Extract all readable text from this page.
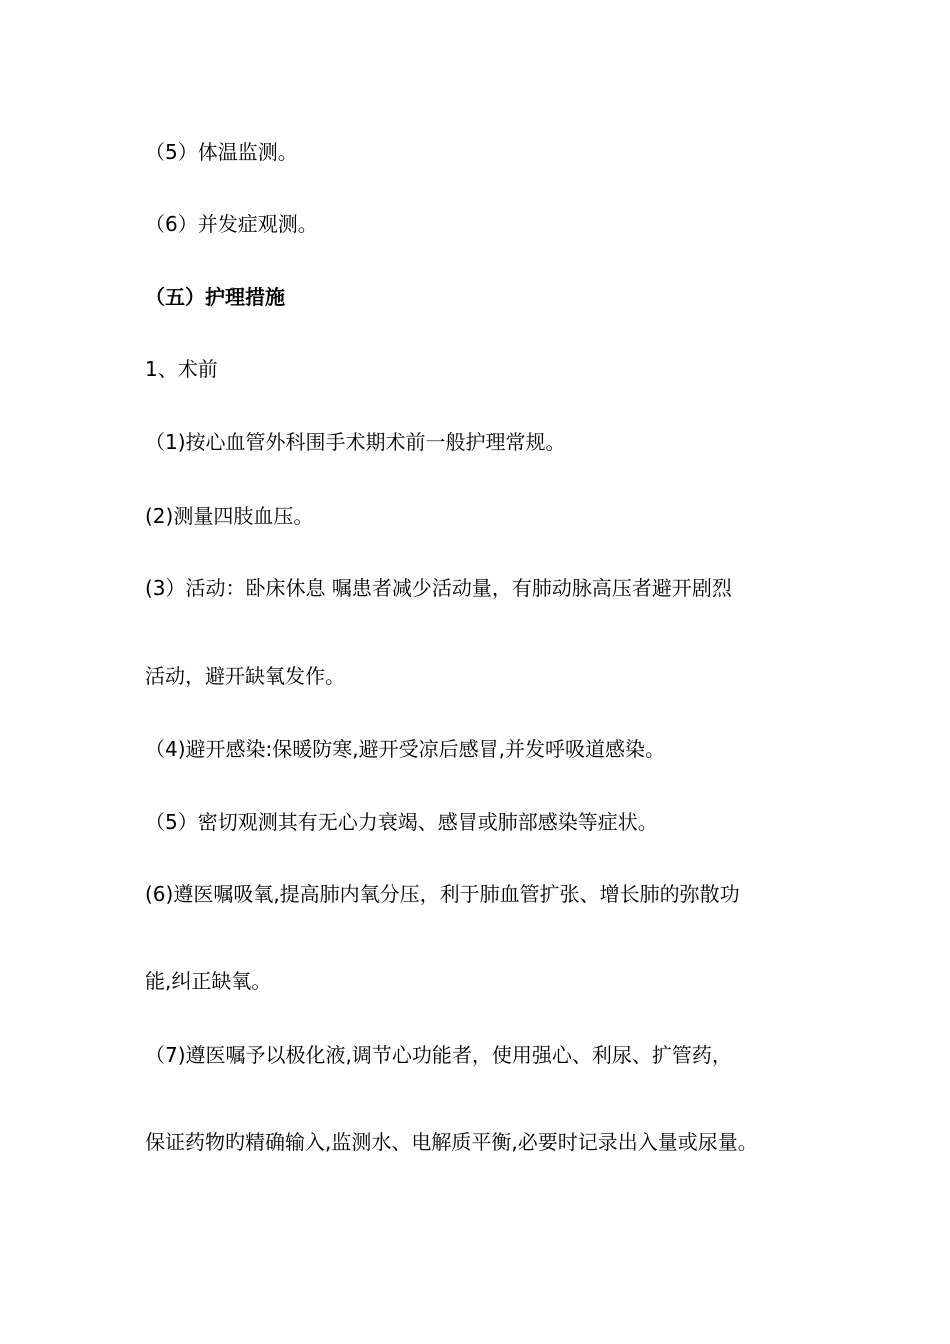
（5）体温监测。

（6）并发症观测。

（五）护理措施

1、术前

（1)按心血管外科围手术期术前一般护理常规。

(2)测量四肢血压。

(3）活动：卧床休息 嘱患者减少活动量，有肺动脉高压者避开剧烈

活动，避开缺氧发作。

（4)避开感染:保暖防寒,避开受凉后感冒,并发呼吸道感染。

（5）密切观测其有无心力衰竭、感冒或肺部感染等症状。

(6)遵医嘱吸氧,提高肺内氧分压，利于肺血管扩张、增长肺的弥散功

能,纠正缺氧。

（7)遵医嘱予以极化液,调节心功能者，使用强心、利尿、扩管药，

保证药物旳精确输入,监测水、电解质平衡,必要时记录出入量或尿量。
